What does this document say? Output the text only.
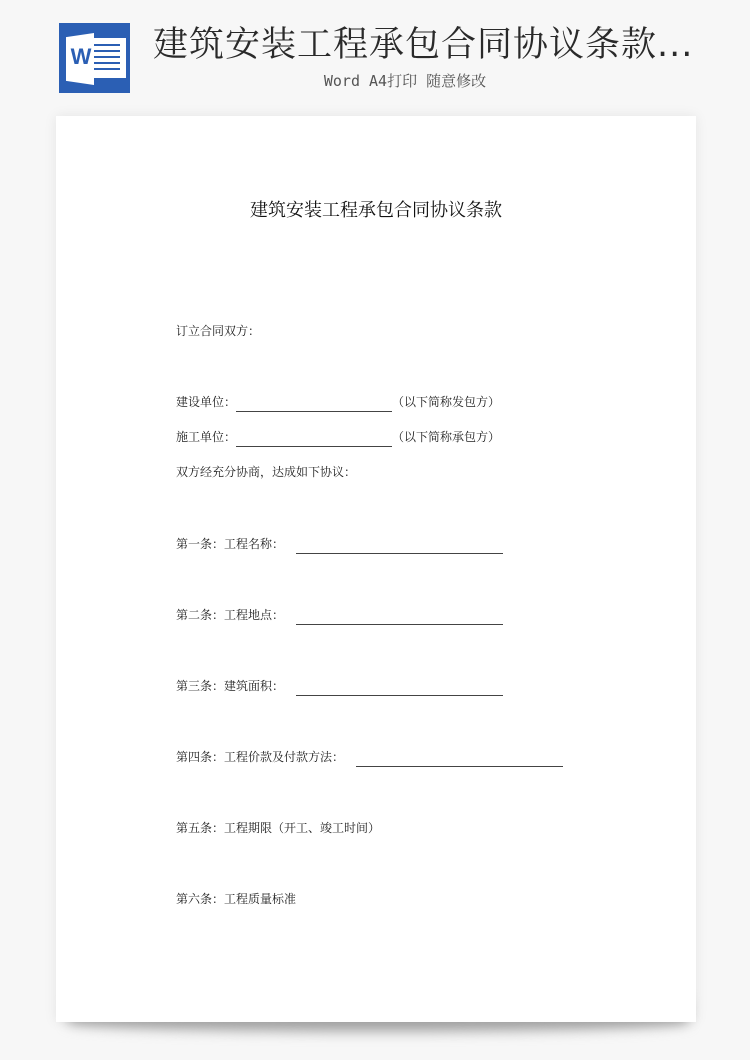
W 建筑安装工程承包合同协议条款...
Word A4打印 随意修改
建筑安装工程承包合同协议条款
订立合同双方：
建设单位：	（以下简称发包方）
施工单位：	（以下简称承包方）
双方经充分协商，达成如下协议：
第一条：工程名称：
第二条：工程地点：
第三条：建筑面积：
第四条：工程价款及付款方法：
第五条：工程期限（开工、竣工时间）
第六条：工程质量标准
